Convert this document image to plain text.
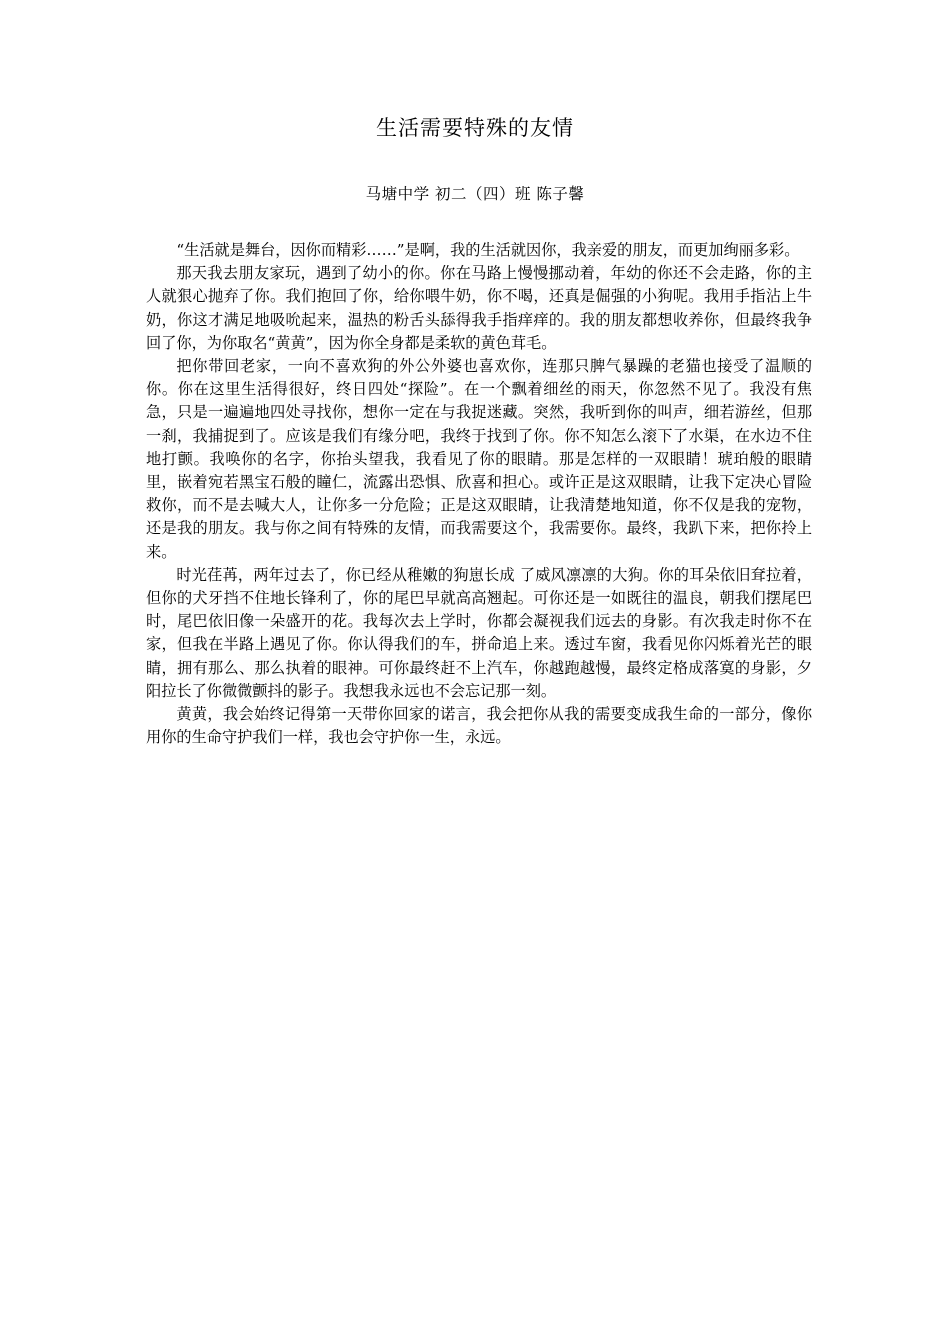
生活需要特殊的友情
马塘中学 初二（四）班 陈子馨

“生活就是舞台，因你而精彩……”是啊，我的生活就因你，我亲爱的朋友，而更加绚丽多彩。

那天我去朋友家玩，遇到了幼小的你。你在马路上慢慢挪动着，年幼的你还不会走路，你的主人就狠心抛弃了你。我们抱回了你，给你喂牛奶，你不喝，还真是倔强的小狗呢。我用手指沾上牛奶，你这才满足地吸吮起来，温热的粉舌头舔得我手指痒痒的。我的朋友都想收养你，但最终我争回了你，为你取名“黄黄”，因为你全身都是柔软的黄色茸毛。

把你带回老家，一向不喜欢狗的外公外婆也喜欢你，连那只脾气暴躁的老猫也接受了温顺的你。你在这里生活得很好，终日四处“探险”。在一个飘着细丝的雨天，你忽然不见了。我没有焦急，只是一遍遍地四处寻找你，想你一定在与我捉迷藏。突然，我听到你的叫声，细若游丝，但那一刹，我捕捉到了。应该是我们有缘分吧，我终于找到了你。你不知怎么滚下了水渠，在水边不住地打颤。我唤你的名字，你抬头望我，我看见了你的眼睛。那是怎样的一双眼睛！琥珀般的眼睛里，嵌着宛若黑宝石般的瞳仁，流露出恐惧、欣喜和担心。或许正是这双眼睛，让我下定决心冒险救你，而不是去喊大人，让你多一分危险；正是这双眼睛，让我清楚地知道，你不仅是我的宠物，还是我的朋友。我与你之间有特殊的友情，而我需要这个，我需要你。最终，我趴下来，把你拎上来。

时光荏苒，两年过去了，你已经从稚嫩的狗崽长成 了威风凛凛的大狗。你的耳朵依旧耷拉着，但你的犬牙挡不住地长锋利了，你的尾巴早就高高翘起。可你还是一如既往的温良，朝我们摆尾巴时，尾巴依旧像一朵盛开的花。我每次去上学时，你都会凝视我们远去的身影。有次我走时你不在家，但我在半路上遇见了你。你认得我们的车，拼命追上来。透过车窗，我看见你闪烁着光芒的眼睛，拥有那么、那么执着的眼神。可你最终赶不上汽车，你越跑越慢，最终定格成落寞的身影，夕阳拉长了你微微颤抖的影子。我想我永远也不会忘记那一刻。

黄黄，我会始终记得第一天带你回家的诺言，我会把你从我的需要变成我生命的一部分，像你用你的生命守护我们一样，我也会守护你一生，永远。
